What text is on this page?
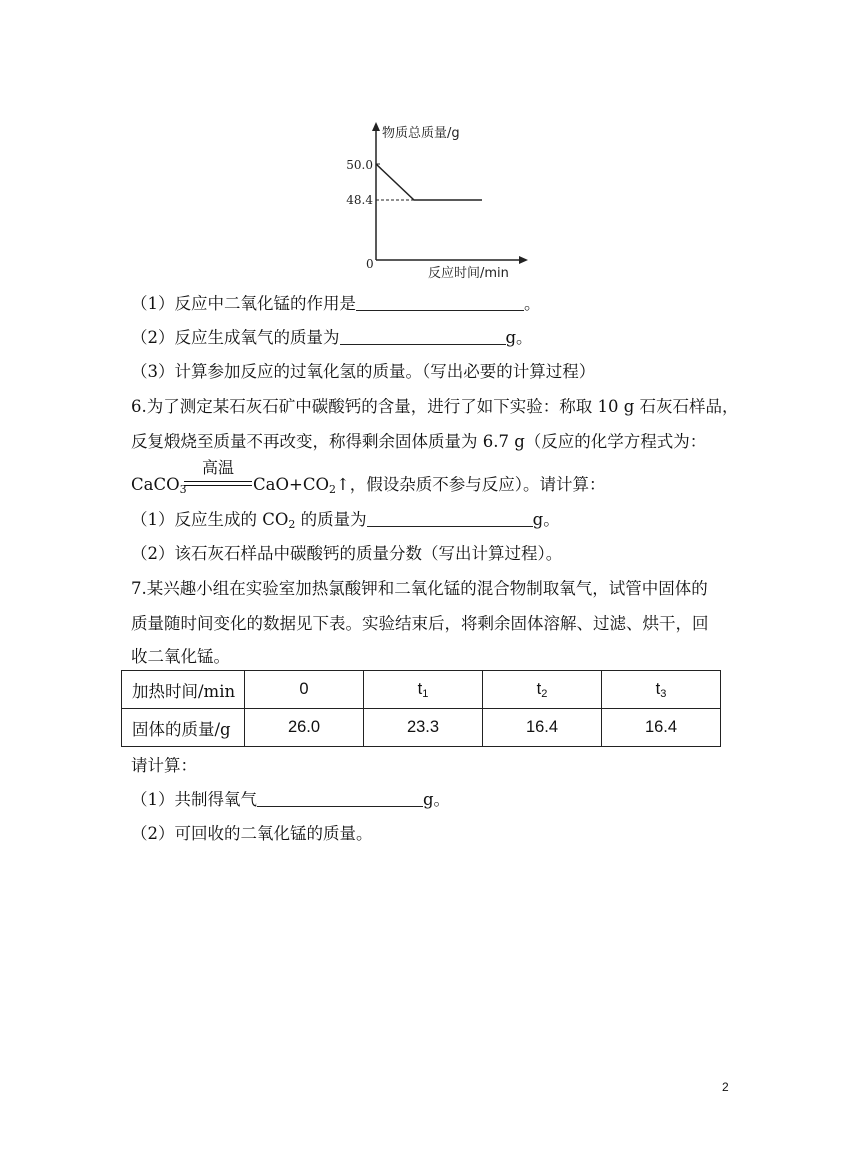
物质总质量/g
反应时间/min
0
50.0
48.4
（1）反应中二氧化锰的作用是	。
（2）反应生成氧气的质量为	g。
（3）计算参加反应的过氧化氢的质量。（写出必要的计算过程）
6.为了测定某石灰石矿中碳酸钙的含量，进行了如下实验：称取 10 g 石灰石样品，
反复煅烧至质量不再改变，称得剩余固体质量为 6.7 g（反应的化学方程式为：
高温
CaCO$_3$	$CaO+CO_2↑$，假设杂质不参与反应）。请计算：
（1）反应生成的 $CO_2$ 的质量为	g。
（2）该石灰石样品中碳酸钙的质量分数（写出计算过程）。
7.某兴趣小组在实验室加热氯酸钾和二氧化锰的混合物制取氧气，试管中固体的
质量随时间变化的数据见下表。实验结束后，将剩余固体溶解、过滤、烘干，回
收二氧化锰。
加热时间/min	0	$t_1$	$t_2$	$t_3$
固体的质量/g	26.0	23.3	16.4	16.4
请计算：
（1）共制得氧气	g。
（2）可回收的二氧化锰的质量。
2
